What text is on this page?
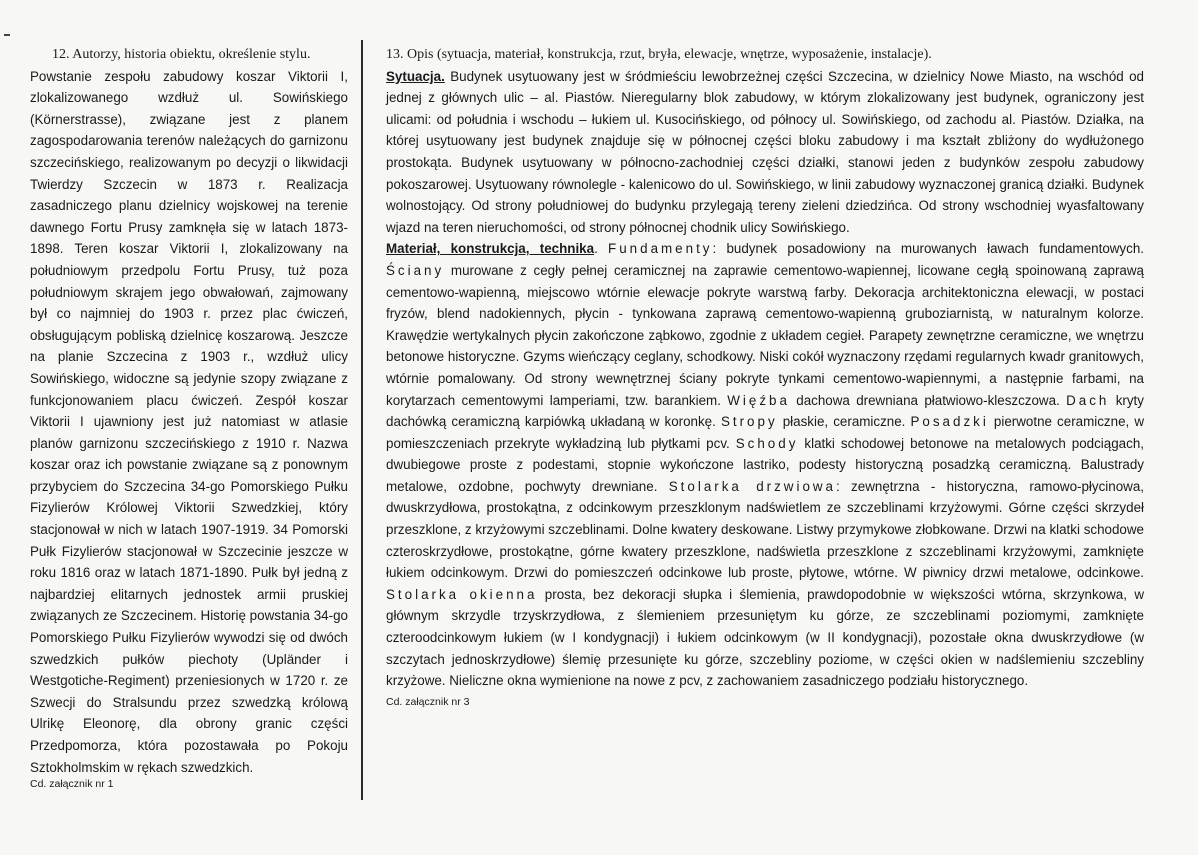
12. Autorzy, historia obiektu, określenie stylu.

Powstanie zespołu zabudowy koszar Viktorii I, zlokalizowanego wzdłuż ul. Sowińskiego (Körnerstrasse), związane jest z planem zagospodarowania terenów należących do garnizonu szczecińskiego, realizowanym po decyzji o likwidacji Twierdzy Szczecin w 1873 r. Realizacja zasadniczego planu dzielnicy wojskowej na terenie dawnego Fortu Prusy zamknęła się w latach 1873-1898. Teren koszar Viktorii I, zlokalizowany na południowym przedpolu Fortu Prusy, tuż poza południowym skrajem jego obwałowań, zajmowany był co najmniej do 1903 r. przez plac ćwiczeń, obsługującym pobliską dzielnicę koszarową. Jeszcze na planie Szczecina z 1903 r., wzdłuż ulicy Sowińskiego, widoczne są jedynie szopy związane z funkcjonowaniem placu ćwiczeń. Zespół koszar Viktorii I ujawniony jest już natomiast w atlasie planów garnizonu szczecińskiego z 1910 r. Nazwa koszar oraz ich powstanie związane są z ponownym przybyciem do Szczecina 34-go Pomorskiego Pułku Fizylierów Królowej Viktorii Szwedzkiej, który stacjonował w nich w latach 1907-1919. 34 Pomorski Pułk Fizylierów stacjonował w Szczecinie jeszcze w roku 1816 oraz w latach 1871-1890. Pułk był jedną z najbardziej elitarnych jednostek armii pruskiej związanych ze Szczecinem. Historię powstania 34-go Pomorskiego Pułku Fizylierów wywodzi się od dwóch szwedzkich pułków piechoty (Upländer i Westgotiche-Regiment) przeniesionych w 1720 r. ze Szwecji do Stralsundu przez szwedzką królową Ulrikę Eleonorę, dla obrony granic części Przedpomorza, która pozostawała po Pokoju Sztokholmskim w rękach szwedzkich.

Cd. załącznik nr 1

13. Opis (sytuacja, materiał, konstrukcja, rzut, bryła, elewacje, wnętrze, wyposażenie, instalacje).

Sytuacja. Budynek usytuowany jest w śródmieściu lewobrzeżnej części Szczecina, w dzielnicy Nowe Miasto, na wschód od jednej z głównych ulic – al. Piastów. Nieregularny blok zabudowy, w którym zlokalizowany jest budynek, ograniczony jest ulicami: od południa i wschodu – łukiem ul. Kusocińskiego, od północy ul. Sowińskiego, od zachodu al. Piastów. Działka, na której usytuowany jest budynek znajduje się w północnej części bloku zabudowy i ma kształt zbliżony do wydłużonego prostokąta. Budynek usytuowany w północno-zachodniej części działki, stanowi jeden z budynków zespołu zabudowy pokoszarowej. Usytuowany równolegle - kalenicowo do ul. Sowińskiego, w linii zabudowy wyznaczonej granicą działki. Budynek wolnostojący. Od strony południowej do budynku przylegają tereny zieleni dziedzińca. Od strony wschodniej wyasfaltowany wjazd na teren nieruchomości, od strony północnej chodnik ulicy Sowińskiego.

Materiał, konstrukcja, technika. Fundamenty: budynek posadowiony na murowanych ławach fundamentowych. Ściany murowane z cegły pełnej ceramicznej na zaprawie cementowo-wapiennej, licowane cegłą spoinowaną zaprawą cementowo-wapienną, miejscowo wtórnie elewacje pokryte warstwą farby. Dekoracja architektoniczna elewacji, w postaci fryzów, blend nadokiennych, płycin - tynkowana zaprawą cementowo-wapienną gruboziarnistą, w naturalnym kolorze. Krawędzie wertykalnych płycin zakończone ząbkowo, zgodnie z układem cegieł. Parapety zewnętrzne ceramiczne, we wnętrzu betonowe historyczne. Gzyms wieńczący ceglany, schodkowy. Niski cokół wyznaczony rzędami regularnych kwadr granitowych, wtórnie pomalowany. Od strony wewnętrznej ściany pokryte tynkami cementowo-wapiennymi, a następnie farbami, na korytarzach cementowymi lamperiami, tzw. barankiem. Więźba dachowa drewniana płatwiowo-kleszczowa. Dach kryty dachówką ceramiczną karpiówką układaną w koronkę. Stropy płaskie, ceramiczne. Posadzki pierwotne ceramiczne, w pomieszczeniach przekryte wykładziną lub płytkami pcv. Schody klatki schodowej betonowe na metalowych podciągach, dwubiegowe proste z podestami, stopnie wykończone lastriko, podesty historyczną posadzką ceramiczną. Balustrady metalowe, ozdobne, pochwyty drewniane. Stolarka drzwiowa: zewnętrzna - historyczna, ramowo-płycinowa, dwuskrzydłowa, prostokątna, z odcinkowym przeszklonym nadświetlem ze szczeblinami krzyżowymi. Górne części skrzydeł przeszklone, z krzyżowymi szczeblinami. Dolne kwatery deskowane. Listwy przymykowe złobkowane. Drzwi na klatki schodowe czteroskrzydłowe, prostokątne, górne kwatery przeszklone, nadświetla przeszklone z szczeblinami krzyżowymi, zamknięte łukiem odcinkowym. Drzwi do pomieszczeń odcinkowe lub proste, płytowe, wtórne. W piwnicy drzwi metalowe, odcinkowe. Stolarka okienna prosta, bez dekoracji słupka i ślemienia, prawdopodobnie w większości wtórna, skrzynkowa, w głównym skrzydle trzyskrzydłowa, z ślemieniem przesuniętym ku górze, ze szczeblinami poziomymi, zamknięte czteroodcinkowym łukiem (w I kondygnacji) i łukiem odcinkowym (w II kondygnacji), pozostałe okna dwuskrzydłowe (w szczytach jednoskrzydłowe) ślemię przesunięte ku górze, szczebliny poziome, w części okien w nadślemieniu szczebliny krzyżowe. Nieliczne okna wymienione na nowe z pcv, z zachowaniem zasadniczego podziału historycznego.

Cd. załącznik nr 3
